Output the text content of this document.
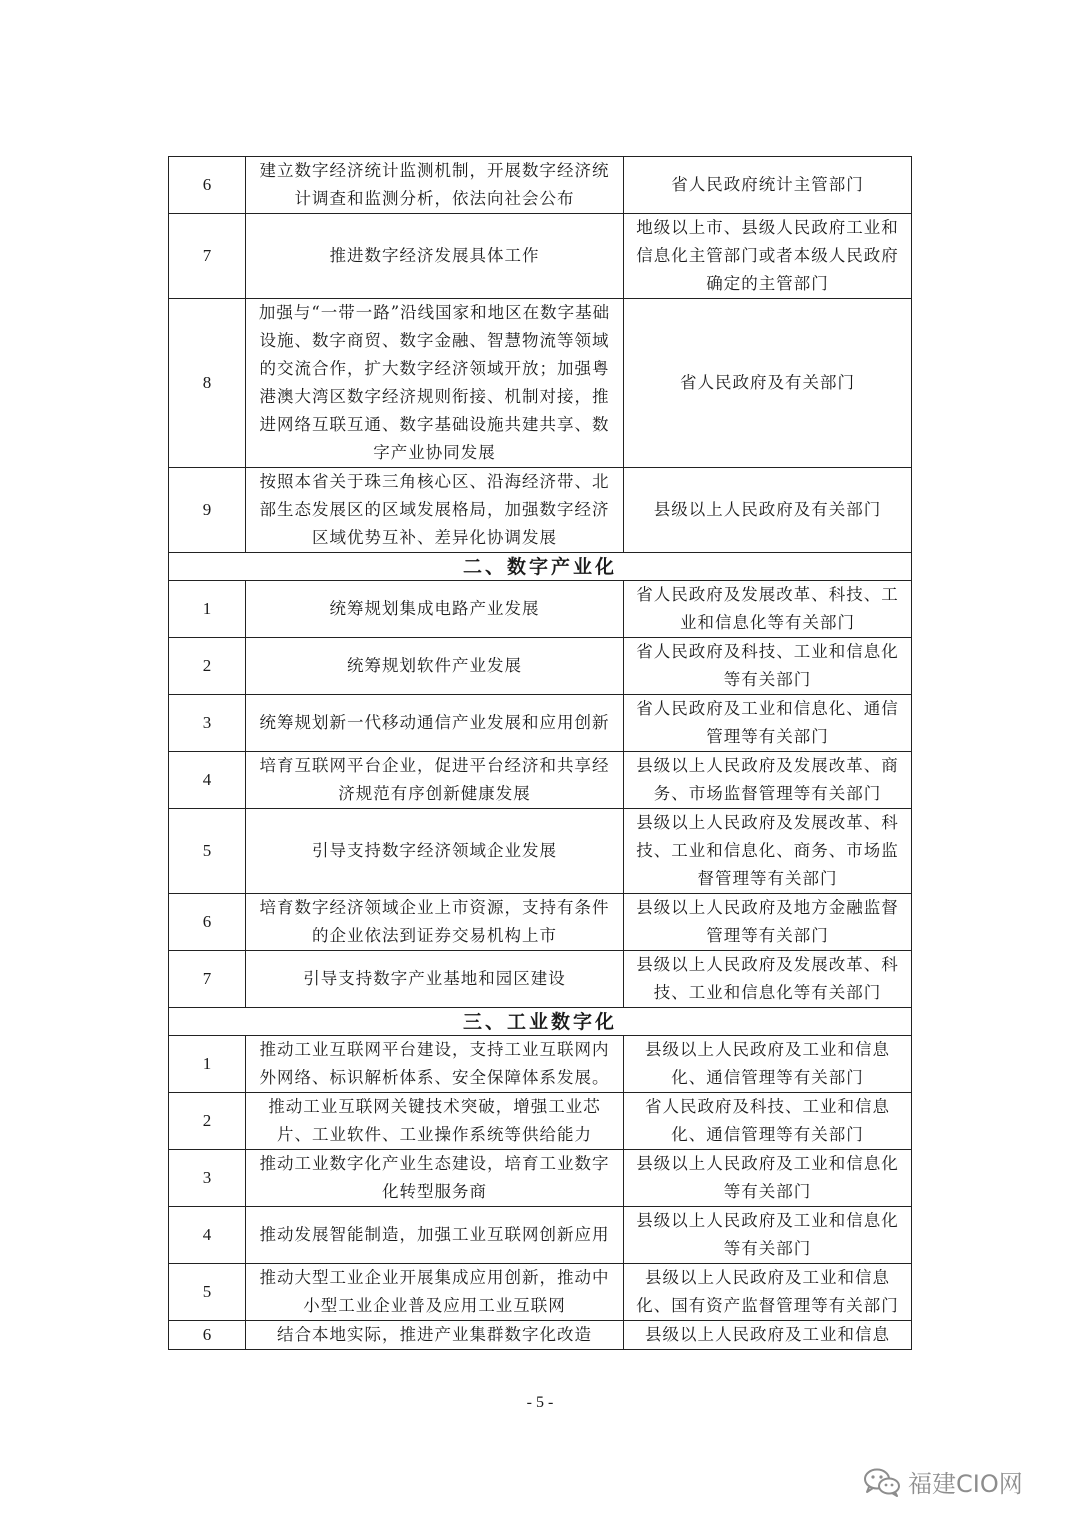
6	建立数字经济统计监测机制，开展数字经济统计调查和监测分析，依法向社会公布	省人民政府统计主管部门
7	推进数字经济发展具体工作	地级以上市、县级人民政府工业和信息化主管部门或者本级人民政府确定的主管部门
8	加强与“一带一路”沿线国家和地区在数字基础设施、数字商贸、数字金融、智慧物流等领域的交流合作，扩大数字经济领域开放；加强粤港澳大湾区数字经济规则衔接、机制对接，推进网络互联互通、数字基础设施共建共享、数字产业协同发展	省人民政府及有关部门
9	按照本省关于珠三角核心区、沿海经济带、北部生态发展区的区域发展格局，加强数字经济区域优势互补、差异化协调发展	县级以上人民政府及有关部门
二、数字产业化		
1	统筹规划集成电路产业发展	省人民政府及发展改革、科技、工业和信息化等有关部门
2	统筹规划软件产业发展	省人民政府及科技、工业和信息化等有关部门
3	统筹规划新一代移动通信产业发展和应用创新	省人民政府及工业和信息化、通信管理等有关部门
4	培育互联网平台企业，促进平台经济和共享经济规范有序创新健康发展	县级以上人民政府及发展改革、商务、市场监督管理等有关部门
5	引导支持数字经济领域企业发展	县级以上人民政府及发展改革、科技、工业和信息化、商务、市场监督管理等有关部门
6	培育数字经济领域企业上市资源，支持有条件的企业依法到证券交易机构上市	县级以上人民政府及地方金融监督管理等有关部门
7	引导支持数字产业基地和园区建设	县级以上人民政府及发展改革、科技、工业和信息化等有关部门
三、工业数字化		
1	推动工业互联网平台建设，支持工业互联网内外网络、标识解析体系、安全保障体系发展。	县级以上人民政府及工业和信息化、通信管理等有关部门
2	推动工业互联网关键技术突破，增强工业芯片、工业软件、工业操作系统等供给能力	省人民政府及科技、工业和信息化、通信管理等有关部门
3	推动工业数字化产业生态建设，培育工业数字化转型服务商	县级以上人民政府及工业和信息化等有关部门
4	推动发展智能制造，加强工业互联网创新应用	县级以上人民政府及工业和信息化等有关部门
5	推动大型工业企业开展集成应用创新，推动中小型工业企业普及应用工业互联网	县级以上人民政府及工业和信息化、国有资产监督管理等有关部门
6	结合本地实际，推进产业集群数字化改造	县级以上人民政府及工业和信息
- 5 -
福建CIO网
